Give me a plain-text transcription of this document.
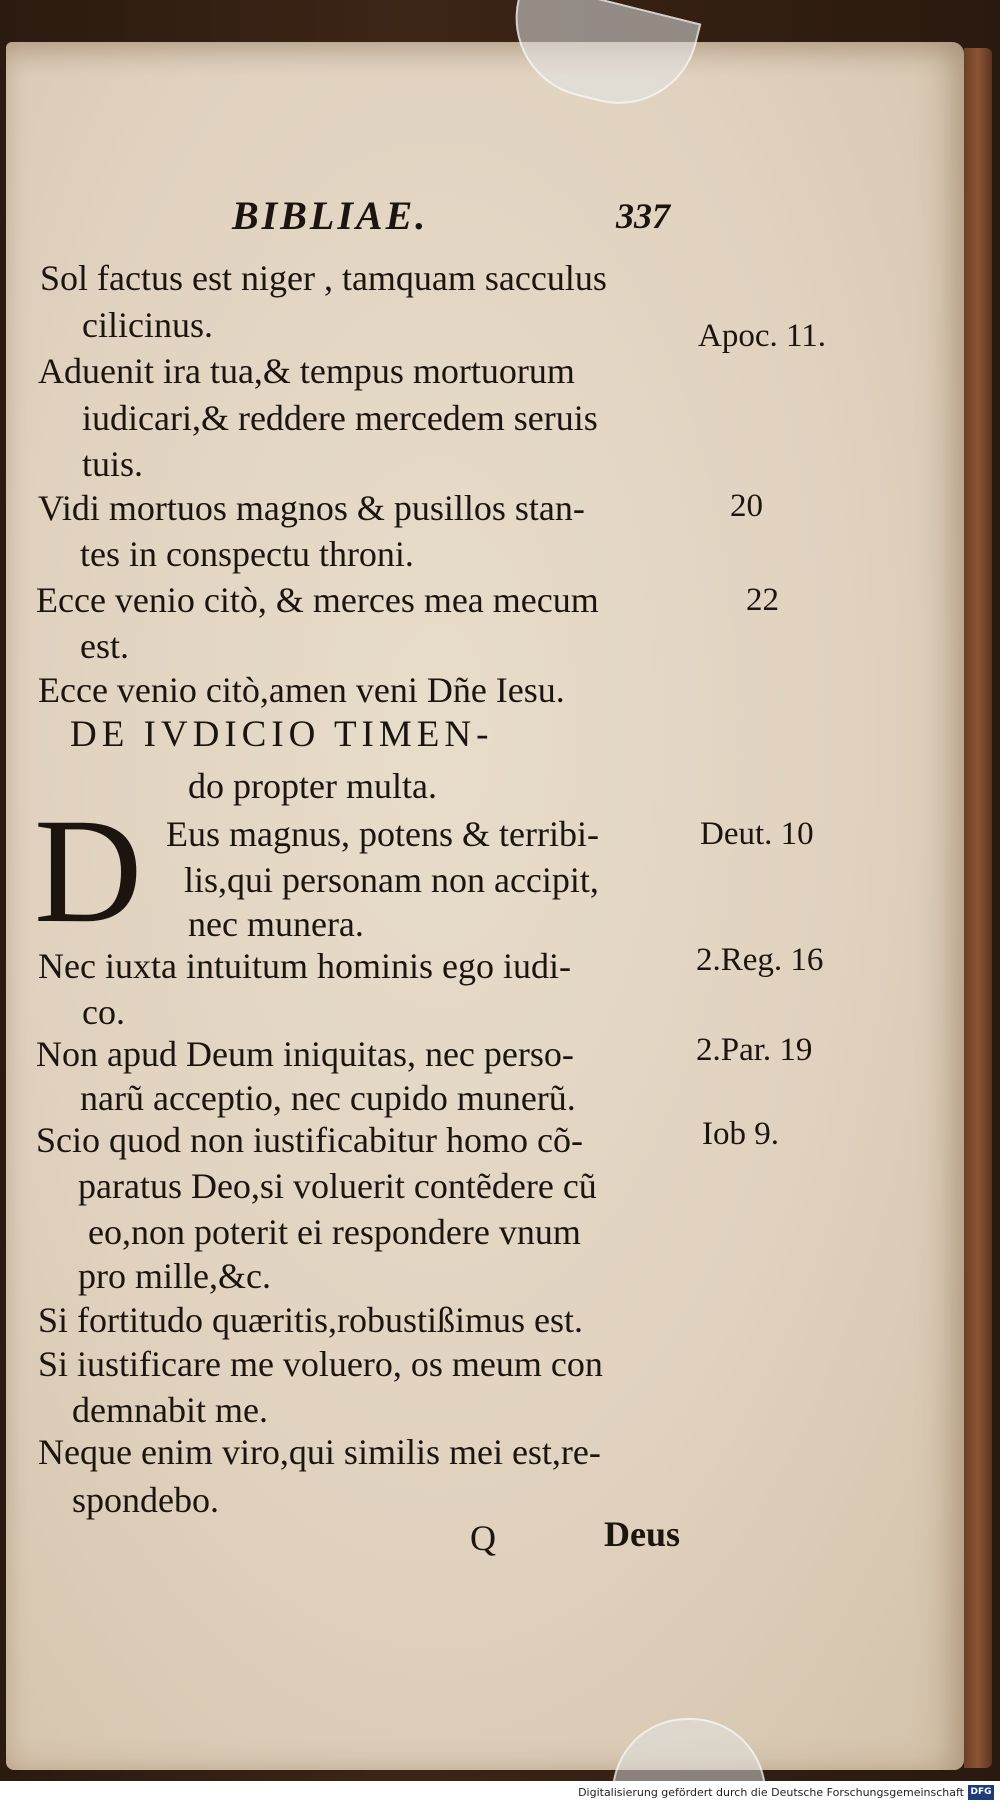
BIBLIAE.	337
Sol factus est niger , tamquam sacculus
cilicinus.
Aduenit ira tua,& tempus mortuorum
iudicari,& reddere mercedem seruis
tuis.
Vidi mortuos magnos & pusillos stan-
tes in conspectu throni.
Ecce venio citò, & merces mea mecum
est.
Ecce venio citò,amen veni Dñe Iesu.
DE IVDICIO TIMEN-
do propter multa.
D Eus magnus, potens & terribi-
lis,qui personam non accipit,
nec munera.
Nec iuxta intuitum hominis ego iudi-
co.
Non apud Deum iniquitas, nec perso-
narũ acceptio, nec cupido munerũ.
Scio quod non iustificabitur homo cõ-
paratus Deo,si voluerit contẽdere cũ
eo,non poterit ei respondere vnum
pro mille,&c.
Si fortitudo quæritis,robustißimus est.
Si iustificare me voluero, os meum con
demnabit me.
Neque enim viro,qui similis mei est,re-
spondebo.
Q	Deus
Apoc. 11.
20
22
Deut. 10
2.Reg. 16
2.Par. 19
Iob 9.
Digitalisierung gefördert durch die Deutsche Forschungsgemeinschaft DFG
